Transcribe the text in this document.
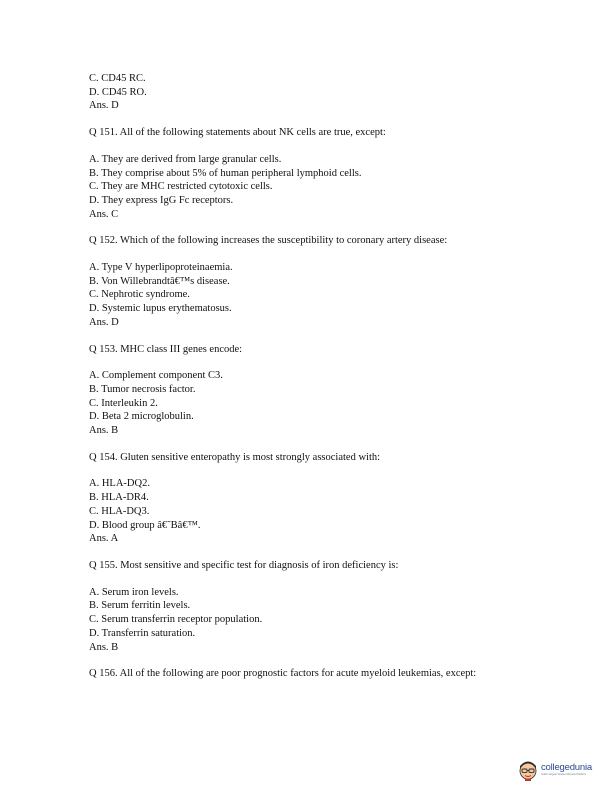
C. CD45 RC.
D. CD45 RO.
Ans. D
Q 151. All of the following statements about NK cells are true, except:
A. They are derived from large granular cells.
B. They comprise about 5% of human peripheral lymphoid cells.
C. They are MHC restricted cytotoxic cells.
D. They express IgG Fc receptors.
Ans. C
Q 152. Which of the following increases the susceptibility to coronary artery disease:
A. Type V hyperlipoproteinaemia.
B. Von Willebrandtâ€™s disease.
C. Nephrotic syndrome.
D. Systemic lupus erythematosus.
Ans. D
Q 153. MHC class III genes encode:
A. Complement component C3.
B. Tumor necrosis factor.
C. Interleukin 2.
D. Beta 2 microglobulin.
Ans. B
Q 154. Gluten sensitive enteropathy is most strongly associated with:
A. HLA-DQ2.
B. HLA-DR4.
C. HLA-DQ3.
D. Blood group â€˜Bâ€™.
Ans. A
Q 155. Most sensitive and specific test for diagnosis of iron deficiency is:
A. Serum iron levels.
B. Serum ferritin levels.
C. Serum transferrin receptor population.
D. Transferrin saturation.
Ans. B
Q 156. All of the following are poor prognostic factors for acute myeloid leukemias, except:
collegedunia
India's largest Student Review Platform
